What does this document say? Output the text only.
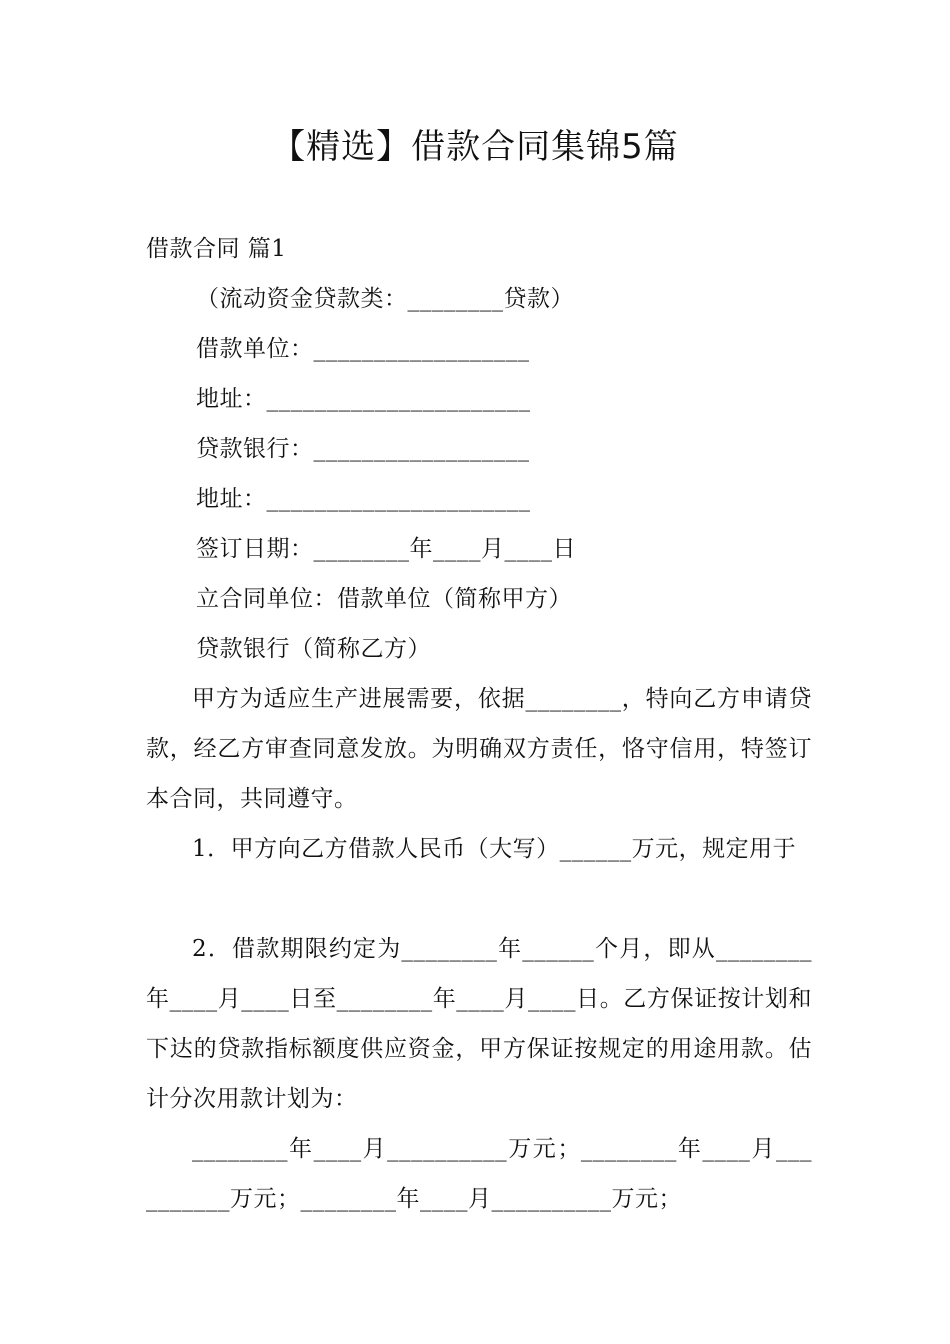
【精选】借款合同集锦5篇
借款合同 篇1
（流动资金贷款类：________贷款）
借款单位：__________________
地址：______________________
贷款银行：__________________
地址：______________________
签订日期：________年____月____日
立合同单位：借款单位（简称甲方）
贷款银行（简称乙方）
甲方为适应生产进展需要，依据________，特向乙方申请贷款，经乙方审查同意发放。为明确双方责任，恪守信用，特签订本合同，共同遵守。
1．甲方向乙方借款人民币（大写）______万元，规定用于
2．借款期限约定为________年______个月，即从________年____月____日至________年____月____日。乙方保证按计划和下达的贷款指标额度供应资金，甲方保证按规定的用途用款。估计分次用款计划为：
________年____月__________万元；________年____月__________万元；________年____月__________万元；
